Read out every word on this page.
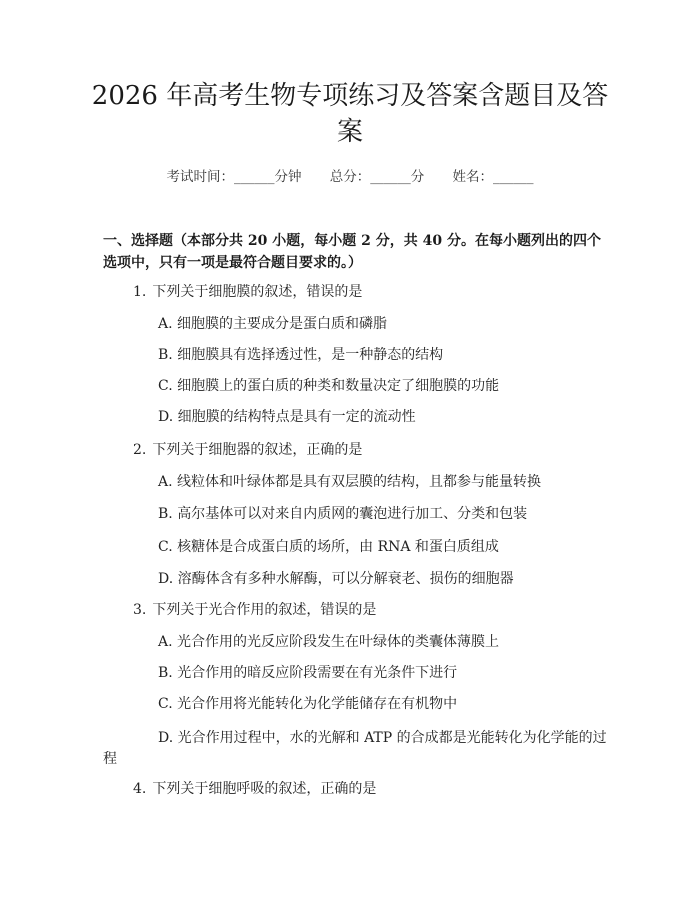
2026 年高考生物专项练习及答案含题目及答
案
考试时间：______分钟 总分：______分 姓名：______
一、选择题（本部分共 20 小题，每小题 2 分，共 40 分。在每小题列出的四个选项中，只有一项是最符合题目要求的。）
1. 下列关于细胞膜的叙述，错误的是
A. 细胞膜的主要成分是蛋白质和磷脂
B. 细胞膜具有选择透过性，是一种静态的结构
C. 细胞膜上的蛋白质的种类和数量决定了细胞膜的功能
D. 细胞膜的结构特点是具有一定的流动性
2. 下列关于细胞器的叙述，正确的是
A. 线粒体和叶绿体都是具有双层膜的结构，且都参与能量转换
B. 高尔基体可以对来自内质网的囊泡进行加工、分类和包装
C. 核糖体是合成蛋白质的场所，由 RNA 和蛋白质组成
D. 溶酶体含有多种水解酶，可以分解衰老、损伤的细胞器
3. 下列关于光合作用的叙述，错误的是
A. 光合作用的光反应阶段发生在叶绿体的类囊体薄膜上
B. 光合作用的暗反应阶段需要在有光条件下进行
C. 光合作用将光能转化为化学能储存在有机物中
D. 光合作用过程中，水的光解和 ATP 的合成都是光能转化为化学能的过
程
4. 下列关于细胞呼吸的叙述，正确的是
